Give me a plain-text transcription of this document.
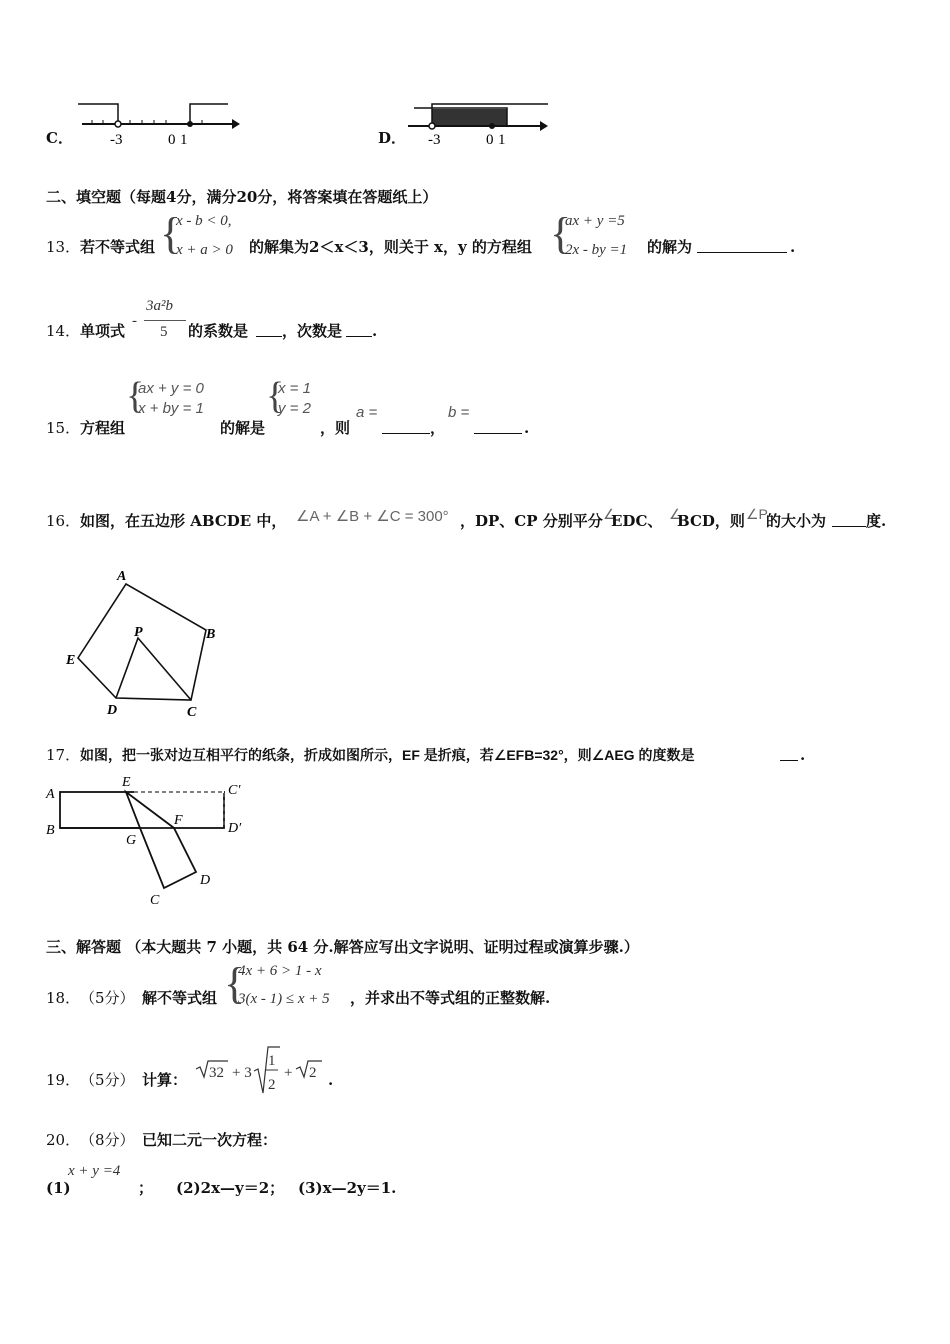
C． -3	0 1	D． -3	0 1
二、填空题（每题4分，满分20分，将答案填在答题纸上）
13． 若不等式组 {
x - b < 0,
x + a > 0 的解集为2＜x＜3，则关于 x，y 的方程组 {
ax + y =5
2x - by =1 的解为	.
14． 单项式
-
3a²b
5 的系数是 ，次数是 .
15． 方程组
{
ax + y = 0
x + by = 1
的解是
{
x = 1
y = 2
，则
a =
，
b =
.
16． 如图，在五边形 ABCDE 中， ∠A + ∠B + ∠C = 300° ，DP、CP 分别平分 ∠
EDC、 ∠
BCD，则 ∠P
的大小为	度.
A
B
C
D
E
P
17． 如图，把一张对边互相平行的纸条，折成如图所示，EF 是折痕，若∠EFB=32°，则∠AEG 的度数是	.
A
B
E
F
G
D
C
C′
D′
三、解答题 （本大题共 7 小题，共 64 分.解答应写出文字说明、证明过程或演算步骤.）
18． （5分） 解不等式组 {
4x + 6 > 1 - x
3(x - 1) ≤ x + 5 ，并求出不等式组的正整数解.
19． （5分） 计算： 32 + 3
1
2
+ 2 .
20． （8分） 已知二元一次方程：
(1)
x + y =4
； (2)2x—y＝2； (3)x—2y＝1.
